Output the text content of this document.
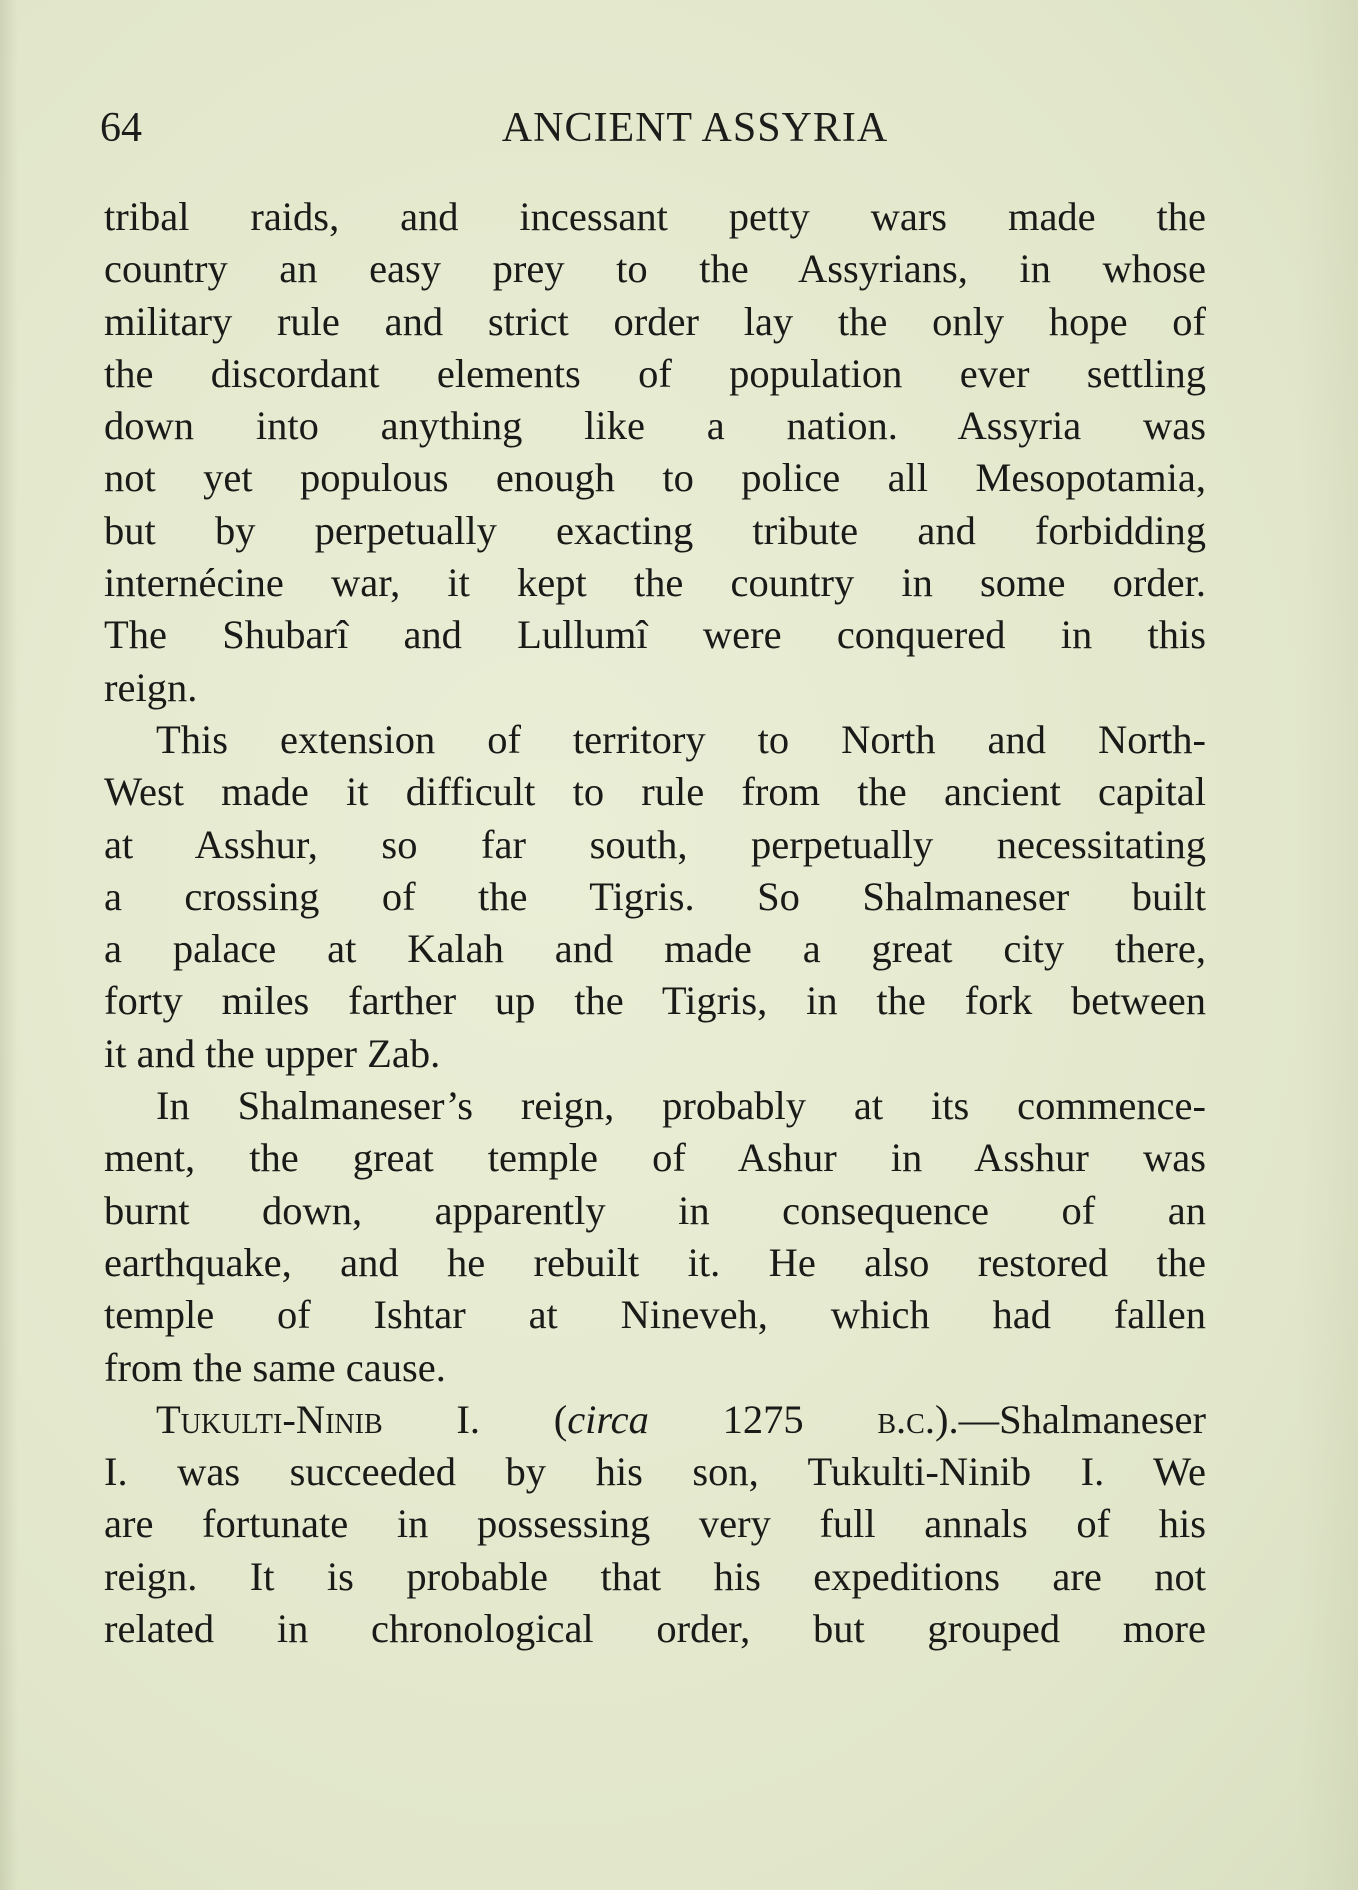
64	ANCIENT ASSYRIA
tribal raids, and incessant petty wars made the
country an easy prey to the Assyrians, in whose
military rule and strict order lay the only hope of
the discordant elements of population ever settling
down into anything like a nation. Assyria was
not yet populous enough to police all Mesopotamia,
but by perpetually exacting tribute and forbidding
internécine war, it kept the country in some order.
The Shubarî and Lullumî were conquered in this
reign.
This extension of territory to North and North-
West made it difficult to rule from the ancient capital
at Asshur, so far south, perpetually necessitating
a crossing of the Tigris. So Shalmaneser built
a palace at Kalah and made a great city there,
forty miles farther up the Tigris, in the fork between
it and the upper Zab.
In Shalmaneser’s reign, probably at its commence-
ment, the great temple of Ashur in Asshur was
burnt down, apparently in consequence of an
earthquake, and he rebuilt it. He also restored the
temple of Ishtar at Nineveh, which had fallen
from the same cause.
Tukulti-Ninib I. (circa 1275 b.c.).—Shalmaneser
I. was succeeded by his son, Tukulti-Ninib I. We
are fortunate in possessing very full annals of his
reign. It is probable that his expeditions are not
related in chronological order, but grouped more
